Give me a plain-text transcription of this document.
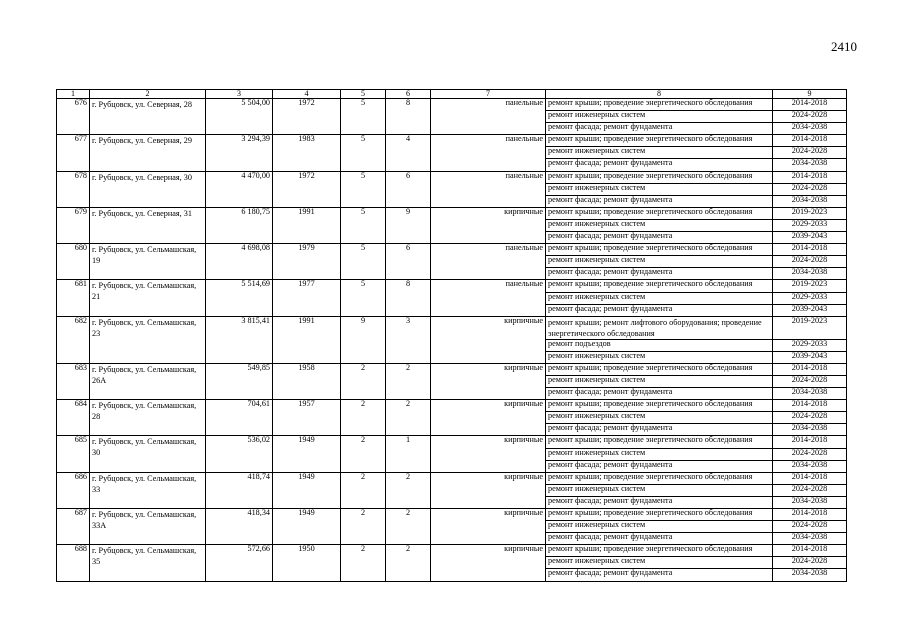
2410
1	2	3	4	5	6	7	8	9
676	г. Рубцовск, ул. Северная, 28	5 504,00	1972	5	8	панельные	ремонт крыши; проведение энергетического обследования	2014-2018
							ремонт инженерных систем	2024-2028
							ремонт фасада; ремонт фундамента	2034-2038
677	г. Рубцовск, ул. Северная, 29	3 294,39	1983	5	4	панельные	ремонт крыши; проведение энергетического обследования	2014-2018
							ремонт инженерных систем	2024-2028
							ремонт фасада; ремонт фундамента	2034-2038
678	г. Рубцовск, ул. Северная, 30	4 470,00	1972	5	6	панельные	ремонт крыши; проведение энергетического обследования	2014-2018
							ремонт инженерных систем	2024-2028
							ремонт фасада; ремонт фундамента	2034-2038
679	г. Рубцовск, ул. Северная, 31	6 180,75	1991	5	9	кирпичные	ремонт крыши; проведение энергетического обследования	2019-2023
							ремонт инженерных систем	2029-2033
							ремонт фасада; ремонт фундамента	2039-2043
680	г. Рубцовск, ул. Сельмашская, 19	4 698,08	1979	5	6	панельные	ремонт крыши; проведение энергетического обследования	2014-2018
							ремонт инженерных систем	2024-2028
							ремонт фасада; ремонт фундамента	2034-2038
681	г. Рубцовск, ул. Сельмашская, 21	5 514,69	1977	5	8	панельные	ремонт крыши; проведение энергетического обследования	2019-2023
							ремонт инженерных систем	2029-2033
							ремонт фасада; ремонт фундамента	2039-2043
682	г. Рубцовск, ул. Сельмашская, 23	3 815,41	1991	9	3	кирпичные	ремонт крыши; ремонт лифтового оборудования; проведение энергетического обследования	2019-2023
							ремонт подъездов	2029-2033
							ремонт инженерных систем	2039-2043
683	г. Рубцовск, ул. Сельмашская, 26А	549,85	1958	2	2	кирпичные	ремонт крыши; проведение энергетического обследования	2014-2018
							ремонт инженерных систем	2024-2028
							ремонт фасада; ремонт фундамента	2034-2038
684	г. Рубцовск, ул. Сельмашская, 28	704,61	1957	2	2	кирпичные	ремонт крыши; проведение энергетического обследования	2014-2018
							ремонт инженерных систем	2024-2028
							ремонт фасада; ремонт фундамента	2034-2038
685	г. Рубцовск, ул. Сельмашская, 30	536,02	1949	2	1	кирпичные	ремонт крыши; проведение энергетического обследования	2014-2018
							ремонт инженерных систем	2024-2028
							ремонт фасада; ремонт фундамента	2034-2038
686	г. Рубцовск, ул. Сельмашская, 33	418,74	1949	2	2	кирпичные	ремонт крыши; проведение энергетического обследования	2014-2018
							ремонт инженерных систем	2024-2028
							ремонт фасада; ремонт фундамента	2034-2038
687	г. Рубцовск, ул. Сельмашская, 33А	418,34	1949	2	2	кирпичные	ремонт крыши; проведение энергетического обследования	2014-2018
							ремонт инженерных систем	2024-2028
							ремонт фасада; ремонт фундамента	2034-2038
688	г. Рубцовск, ул. Сельмашская, 35	572,66	1950	2	2	кирпичные	ремонт крыши; проведение энергетического обследования	2014-2018
							ремонт инженерных систем	2024-2028
							ремонт фасада; ремонт фундамента	2034-2038
